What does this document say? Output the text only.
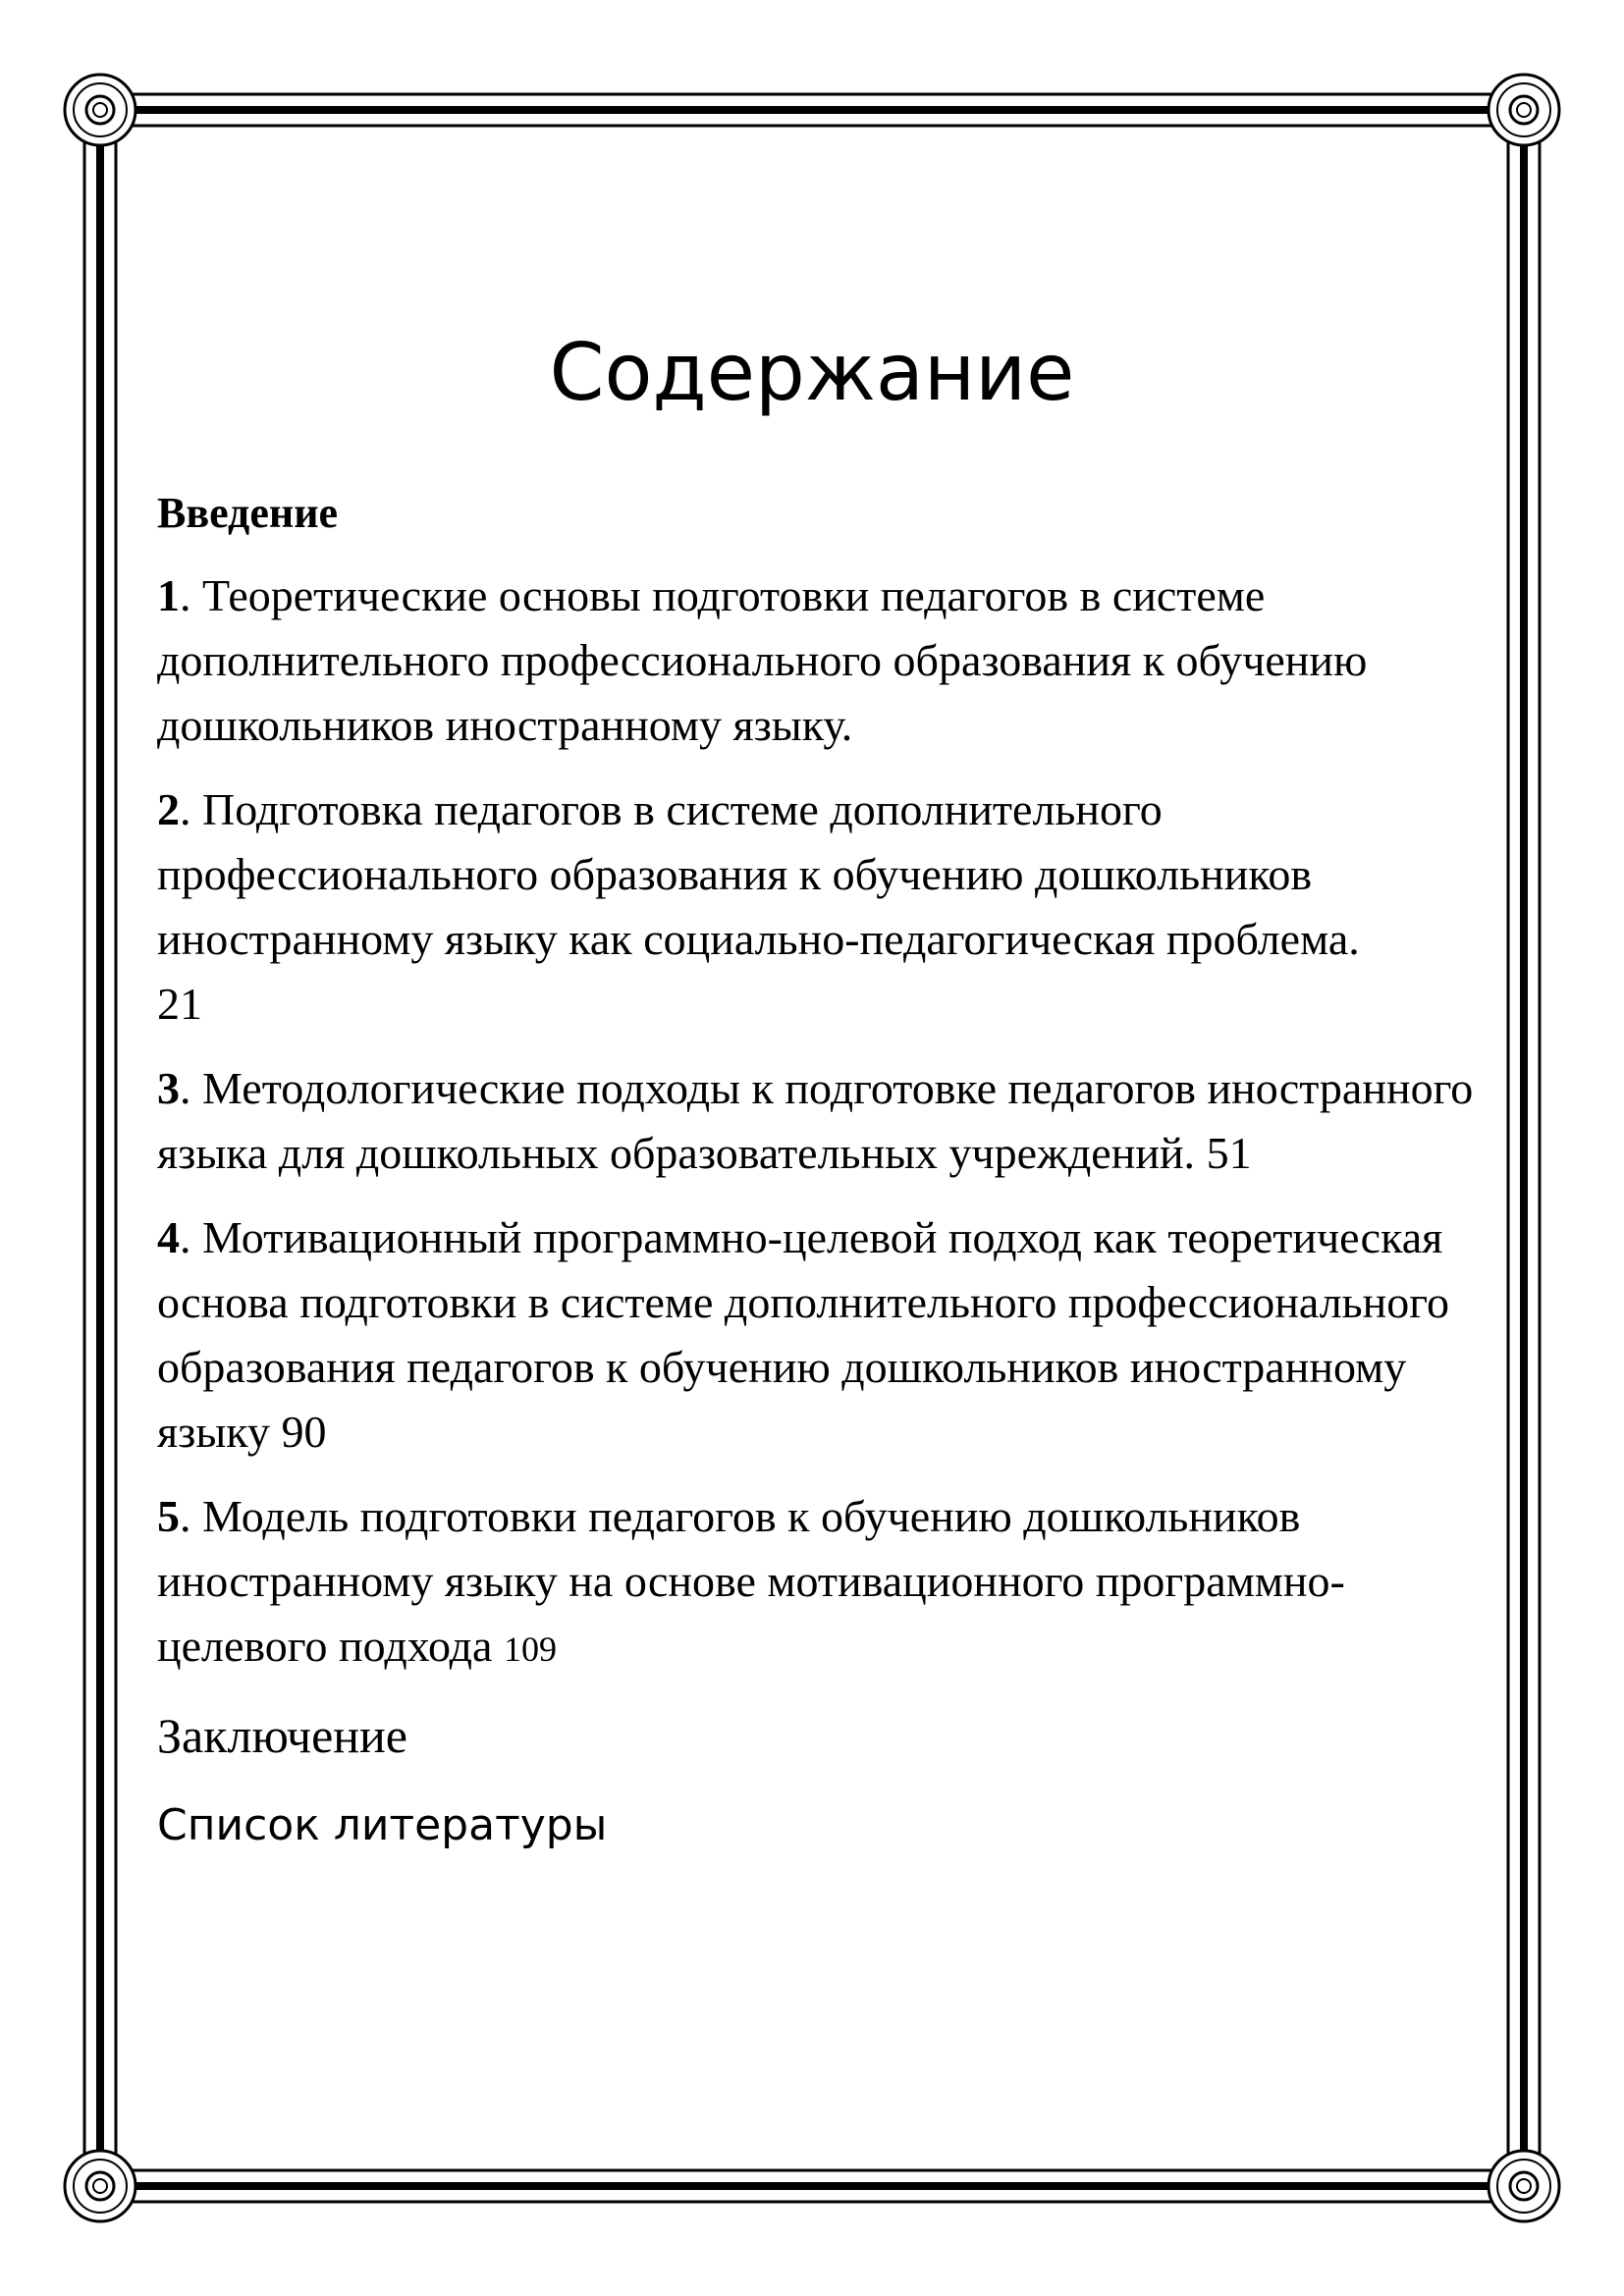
Содержание

Введение

1. Теоретические основы подготовки педагогов в системе дополнительного профессионального образования к обучению дошкольников иностранному языку.

2. Подготовка педагогов в системе дополнительного профессионального образования к обучению дошкольников иностранному языку как социально-педагогическая проблема.
21

3. Методологические подходы к подготовке педагогов иностранного языка для дошкольных образовательных учреждений. 51

4. Мотивационный программно-целевой подход как теоретическая основа подготовки в системе дополнительного профессионального образования педагогов к обучению дошкольников иностранному языку 90

5. Модель подготовки педагогов к обучению дошкольников иностранному языку на основе мотивационного программно-целевого подхода 109

Заключение

Список литературы
